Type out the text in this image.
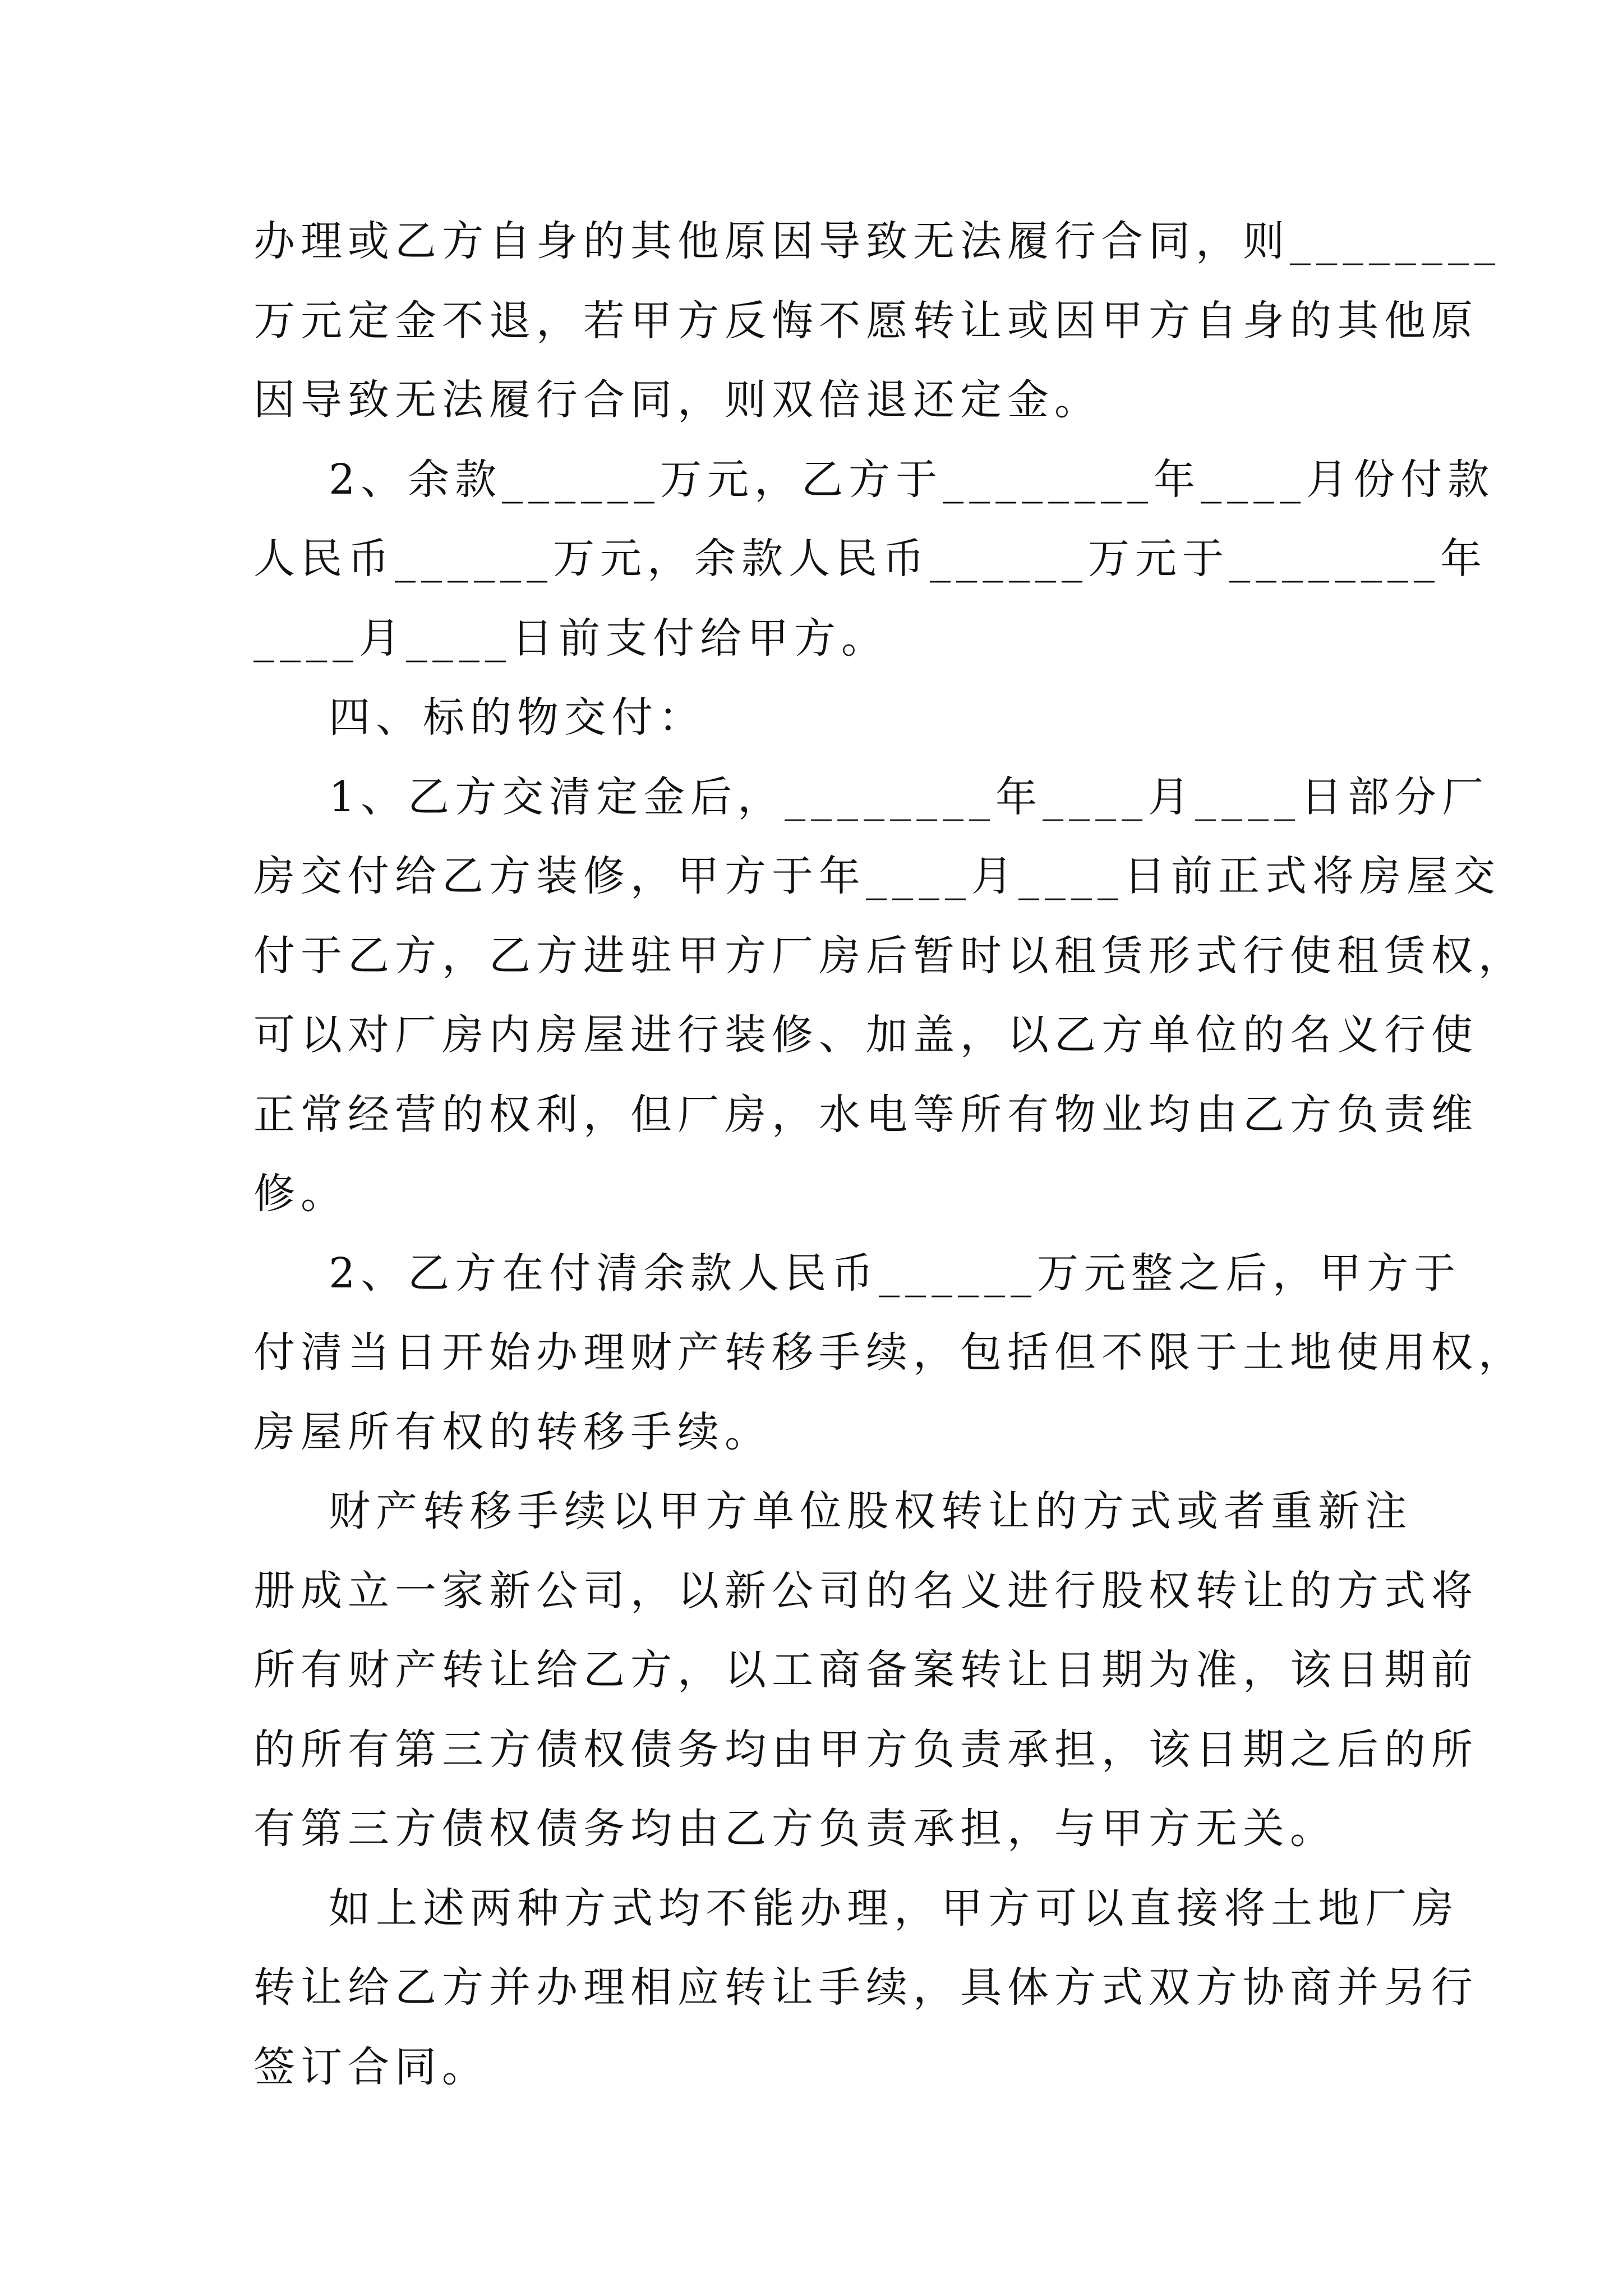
办理或乙方自身的其他原因导致无法履行合同，则________
万元定金不退，若甲方反悔不愿转让或因甲方自身的其他原
因导致无法履行合同，则双倍退还定金。
2、余款______万元，乙方于________年____月份付款
人民币______万元，余款人民币______万元于________年
____月____日前支付给甲方。
四、标的物交付：
1、乙方交清定金后，________年____月____日部分厂
房交付给乙方装修，甲方于年____月____日前正式将房屋交
付于乙方，乙方进驻甲方厂房后暂时以租赁形式行使租赁权，
可以对厂房内房屋进行装修、加盖，以乙方单位的名义行使
正常经营的权利，但厂房，水电等所有物业均由乙方负责维
修。
2、乙方在付清余款人民币______万元整之后，甲方于
付清当日开始办理财产转移手续，包括但不限于土地使用权，
房屋所有权的转移手续。
财产转移手续以甲方单位股权转让的方式或者重新注
册成立一家新公司，以新公司的名义进行股权转让的方式将
所有财产转让给乙方，以工商备案转让日期为准，该日期前
的所有第三方债权债务均由甲方负责承担，该日期之后的所
有第三方债权债务均由乙方负责承担，与甲方无关。
如上述两种方式均不能办理，甲方可以直接将土地厂房
转让给乙方并办理相应转让手续，具体方式双方协商并另行
签订合同。
